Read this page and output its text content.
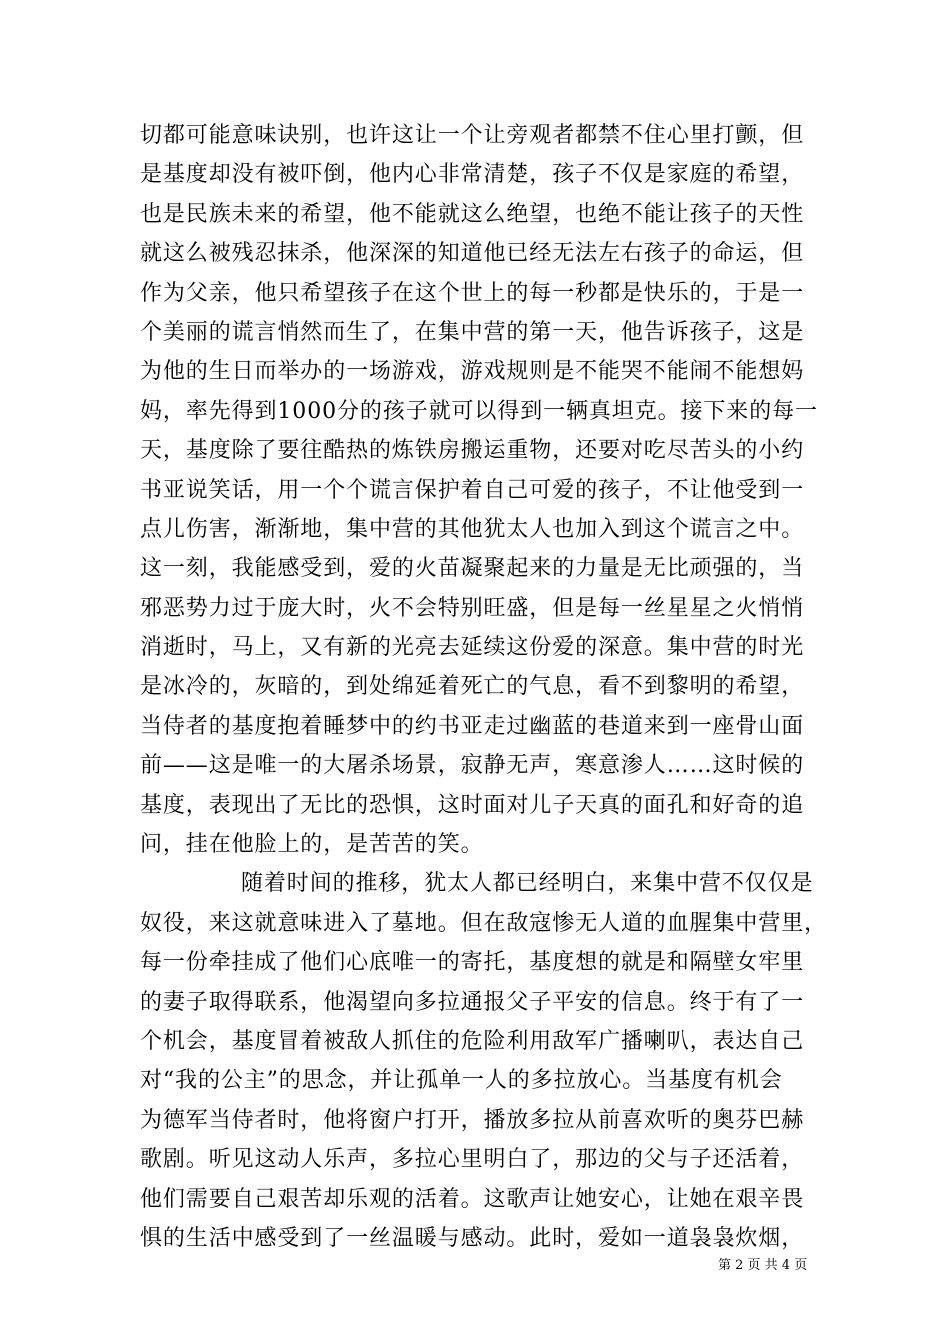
切都可能意味诀别，也许这让一个让旁观者都禁不住心里打颤，但
是基度却没有被吓倒，他内心非常清楚，孩子不仅是家庭的希望，
也是民族未来的希望，他不能就这么绝望，也绝不能让孩子的天性
就这么被残忍抹杀，他深深的知道他已经无法左右孩子的命运，但
作为父亲，他只希望孩子在这个世上的每一秒都是快乐的，于是一
个美丽的谎言悄然而生了，在集中营的第一天，他告诉孩子，这是
为他的生日而举办的一场游戏，游戏规则是不能哭不能闹不能想妈
妈，率先得到1000分的孩子就可以得到一辆真坦克。接下来的每一
天，基度除了要往酷热的炼铁房搬运重物，还要对吃尽苦头的小约
书亚说笑话，用一个个谎言保护着自己可爱的孩子，不让他受到一
点儿伤害，渐渐地，集中营的其他犹太人也加入到这个谎言之中。
这一刻，我能感受到，爱的火苗凝聚起来的力量是无比顽强的，当
邪恶势力过于庞大时，火不会特别旺盛，但是每一丝星星之火悄悄
消逝时，马上，又有新的光亮去延续这份爱的深意。集中营的时光
是冰冷的，灰暗的，到处绵延着死亡的气息，看不到黎明的希望，
当侍者的基度抱着睡梦中的约书亚走过幽蓝的巷道来到一座骨山面
前——这是唯一的大屠杀场景，寂静无声，寒意渗人……这时候的
基度，表现出了无比的恐惧，这时面对儿子天真的面孔和好奇的追
问，挂在他脸上的，是苦苦的笑。
随着时间的推移，犹太人都已经明白，来集中营不仅仅是
奴役，来这就意味进入了墓地。但在敌寇惨无人道的血腥集中营里，
每一份牵挂成了他们心底唯一的寄托，基度想的就是和隔壁女牢里
的妻子取得联系，他渴望向多拉通报父子平安的信息。终于有了一
个机会，基度冒着被敌人抓住的危险利用敌军广播喇叭，表达自己
对“我的公主”的思念，并让孤单一人的多拉放心。当基度有机会
为德军当侍者时，他将窗户打开，播放多拉从前喜欢听的奥芬巴赫
歌剧。听见这动人乐声，多拉心里明白了，那边的父与子还活着，
他们需要自己艰苦却乐观的活着。这歌声让她安心，让她在艰辛畏
惧的生活中感受到了一丝温暖与感动。此时，爱如一道袅袅炊烟，
第 2 页 共 4 页
